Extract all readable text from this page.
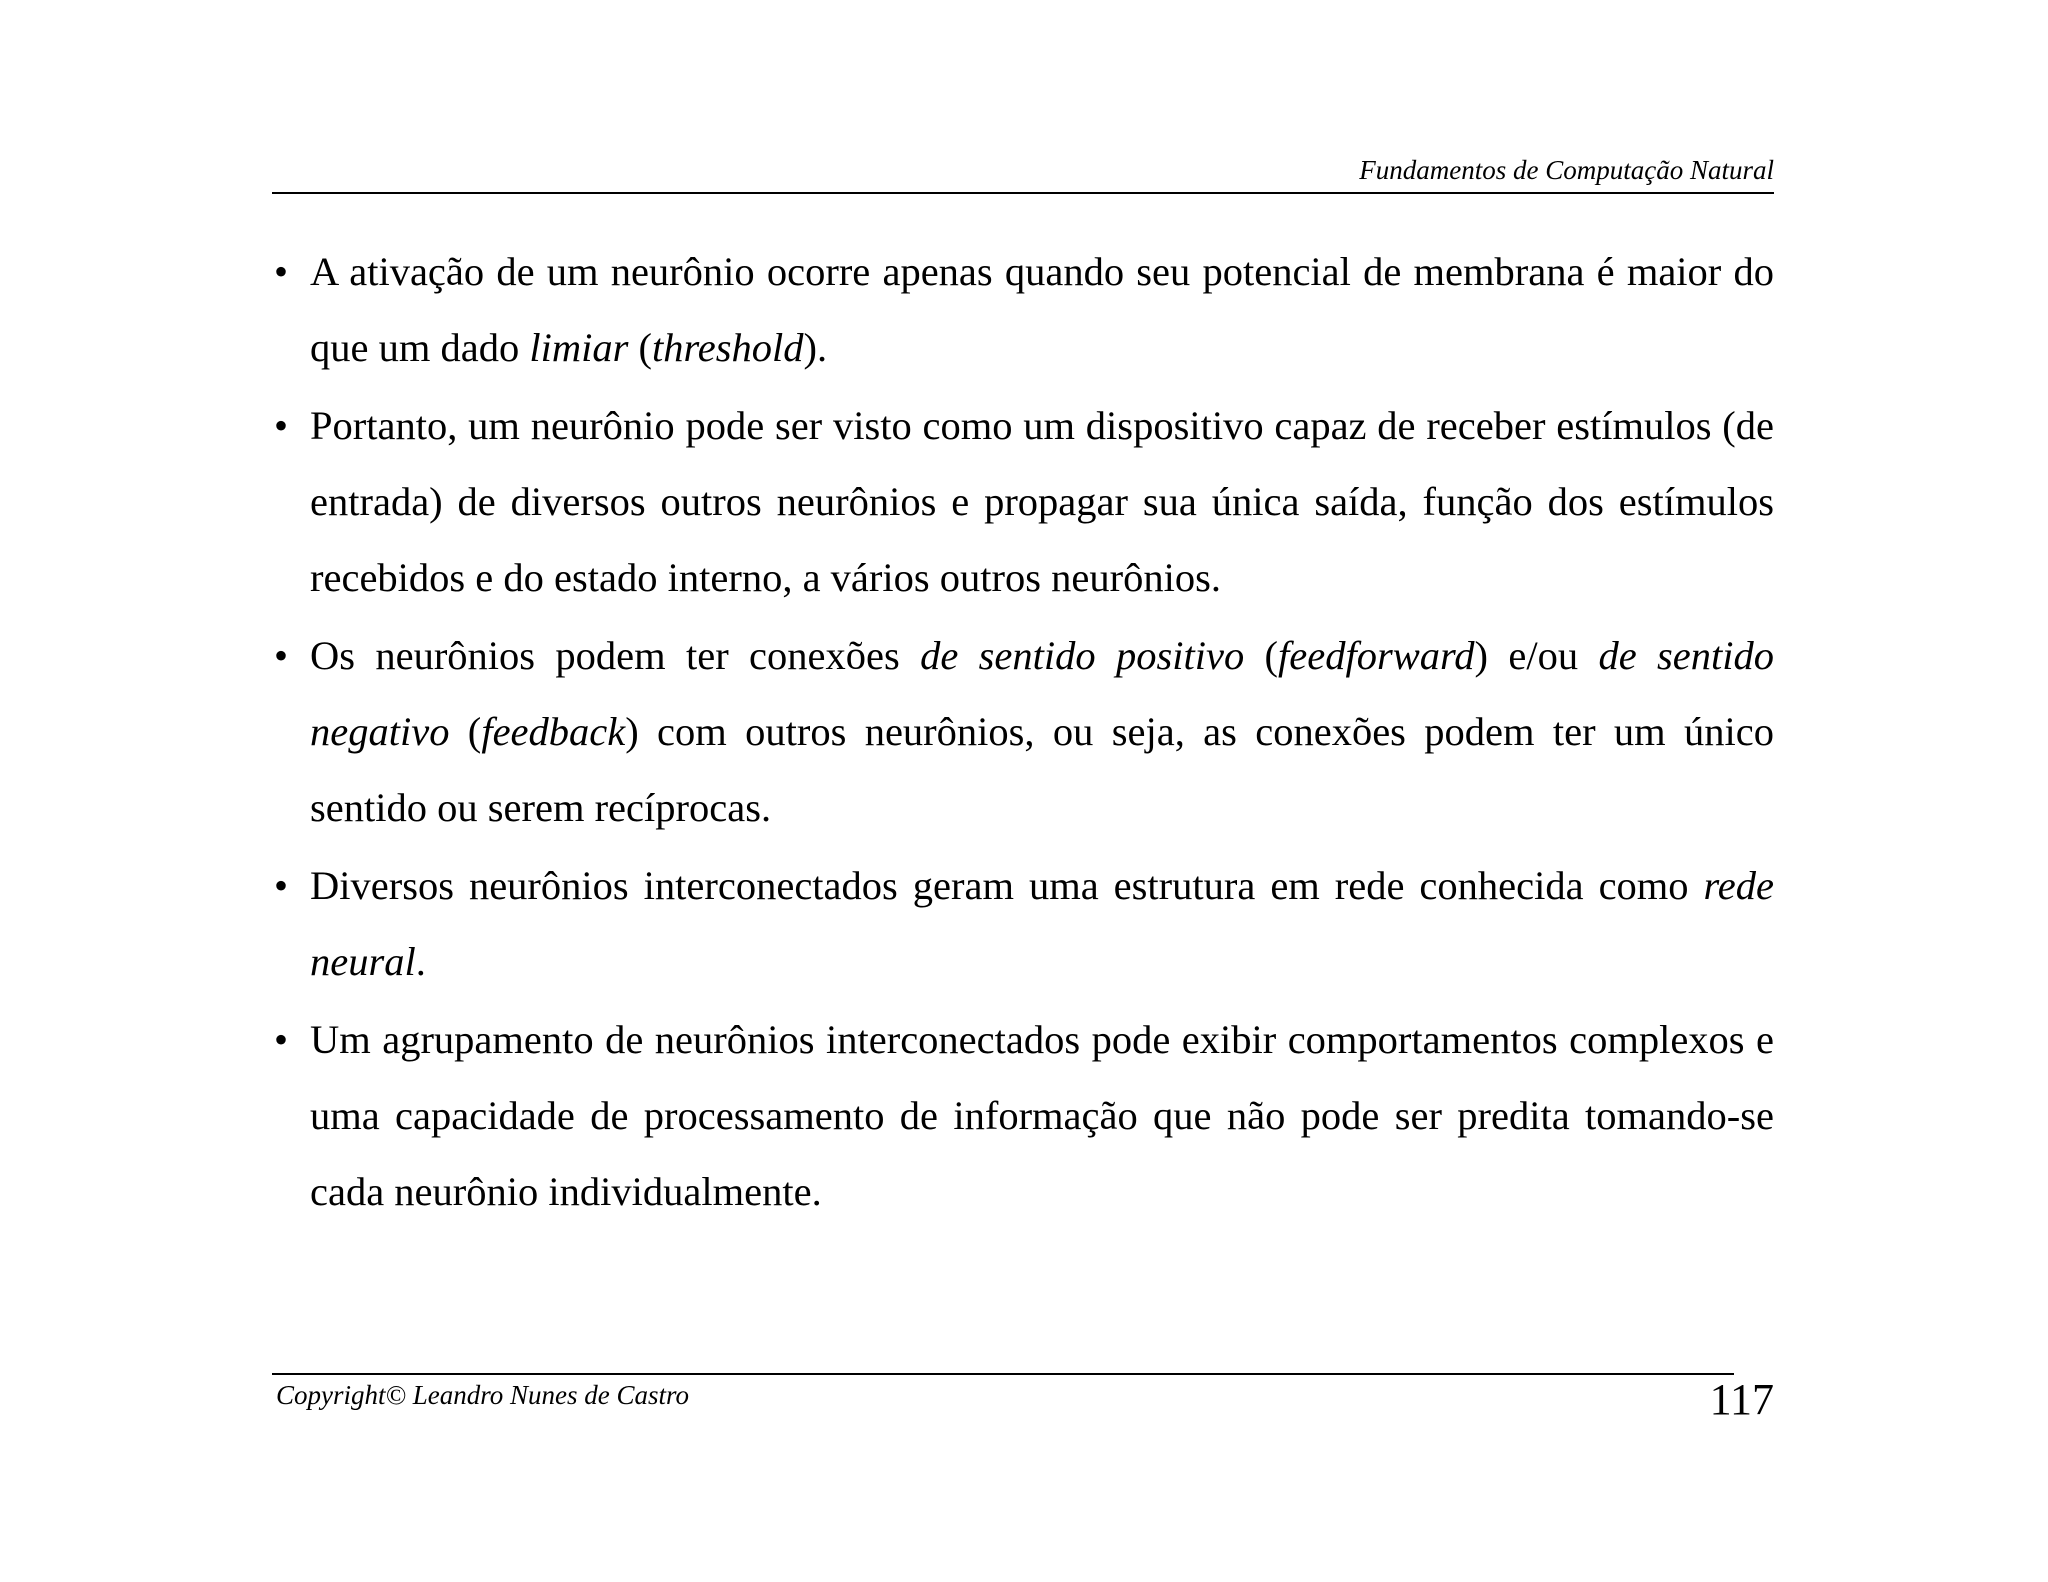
Fundamentos de Computação Natural
• A ativação de um neurônio ocorre apenas quando seu potencial de membrana é maior do que um dado limiar (threshold).
• Portanto, um neurônio pode ser visto como um dispositivo capaz de receber estímulos (de entrada) de diversos outros neurônios e propagar sua única saída, função dos estímulos recebidos e do estado interno, a vários outros neurônios.
• Os neurônios podem ter conexões de sentido positivo (feedforward) e/ou de sentido negativo (feedback) com outros neurônios, ou seja, as conexões podem ter um único sentido ou serem recíprocas.
• Diversos neurônios interconectados geram uma estrutura em rede conhecida como rede neural.
• Um agrupamento de neurônios interconectados pode exibir comportamentos complexos e uma capacidade de processamento de informação que não pode ser predita tomando-se cada neurônio individualmente.
Copyright© Leandro Nunes de Castro	117
